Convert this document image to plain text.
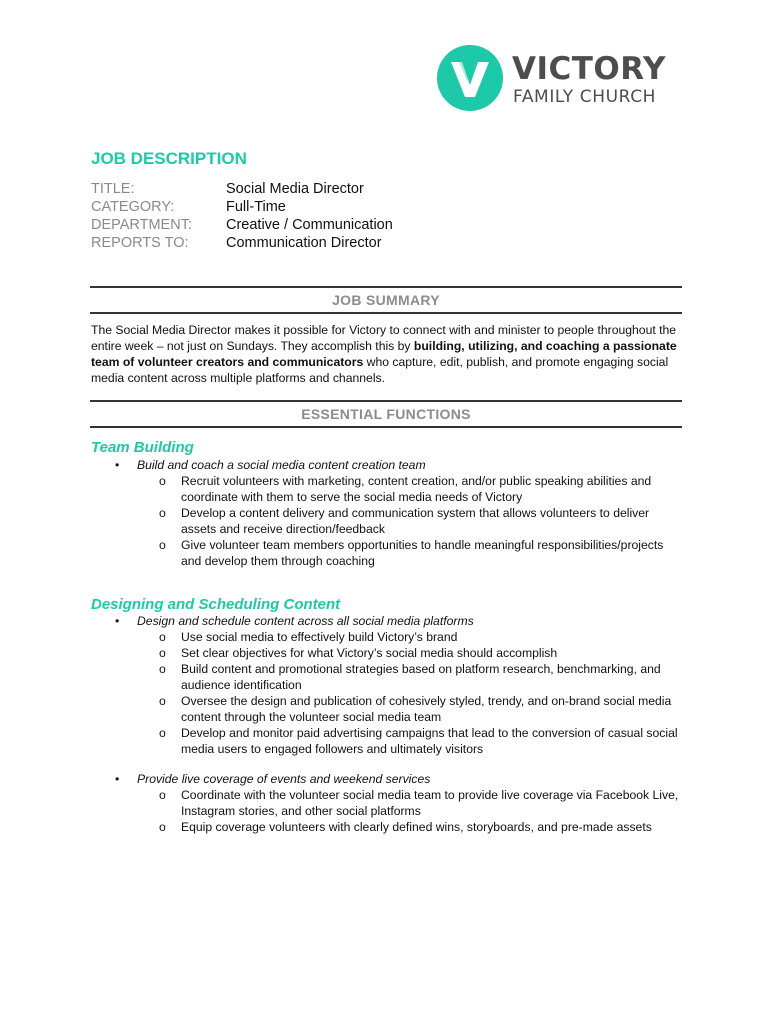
VICTORY
FAMILY CHURCH
JOB DESCRIPTION
TITLE:	Social Media Director
CATEGORY:	Full-Time
DEPARTMENT:	Creative / Communication
REPORTS TO:	Communication Director
JOB SUMMARY
The Social Media Director makes it possible for Victory to connect with and minister to people throughout the entire week – not just on Sundays. They accomplish this by building, utilizing, and coaching a passionate team of volunteer creators and communicators who capture, edit, publish, and promote engaging social media content across multiple platforms and channels.
ESSENTIAL FUNCTIONS
Team Building
•	Build and coach a social media content creation team
o	Recruit volunteers with marketing, content creation, and/or public speaking abilities and coordinate with them to serve the social media needs of Victory
o	Develop a content delivery and communication system that allows volunteers to deliver assets and receive direction/feedback
o	Give volunteer team members opportunities to handle meaningful responsibilities/projects and develop them through coaching
Designing and Scheduling Content
•	Design and schedule content across all social media platforms
o	Use social media to effectively build Victory’s brand
o	Set clear objectives for what Victory’s social media should accomplish
o	Build content and promotional strategies based on platform research, benchmarking, and audience identification
o	Oversee the design and publication of cohesively styled, trendy, and on-brand social media content through the volunteer social media team
o	Develop and monitor paid advertising campaigns that lead to the conversion of casual social media users to engaged followers and ultimately visitors
•	Provide live coverage of events and weekend services
o	Coordinate with the volunteer social media team to provide live coverage via Facebook Live, Instagram stories, and other social platforms
o	Equip coverage volunteers with clearly defined wins, storyboards, and pre-made assets
